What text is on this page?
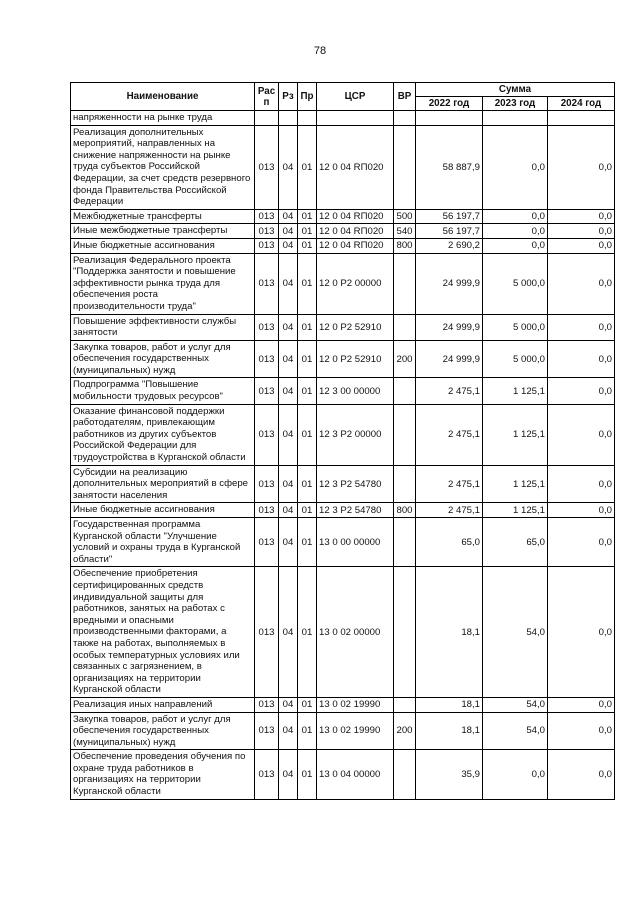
78
Наименование	Рас п	Рз	Пр	ЦСР	ВР	Сумма		
						2022 год	2023 год	2024 год
напряженности на рынке труда								
Реализация дополнительных мероприятий, направленных на снижение напряженности на рынке труда субъектов Российской Федерации, за счет средств резервного фонда Правительства Российской Федерации	013	04	01	12 0 04 RП020		58 887,9	0,0	0,0
Межбюджетные трансферты	013	04	01	12 0 04 RП020	500	56 197,7	0,0	0,0
Иные межбюджетные трансферты	013	04	01	12 0 04 RП020	540	56 197,7	0,0	0,0
Иные бюджетные ассигнования	013	04	01	12 0 04 RП020	800	2 690,2	0,0	0,0
Реализация Федерального проекта "Поддержка занятости и повышение эффективности рынка труда для обеспечения роста производительности труда"	013	04	01	12 0 P2 00000		24 999,9	5 000,0	0,0
Повышение эффективности службы занятости	013	04	01	12 0 P2 52910		24 999,9	5 000,0	0,0
Закупка товаров, работ и услуг для обеспечения государственных (муниципальных) нужд	013	04	01	12 0 P2 52910	200	24 999,9	5 000,0	0,0
Подпрограмма "Повышение мобильности трудовых ресурсов"	013	04	01	12 3 00 00000		2 475,1	1 125,1	0,0
Оказание финансовой поддержки работодателям, привлекающим работников из других субъектов Российской Федерации для трудоустройства в Курганской области	013	04	01	12 3 P2 00000		2 475,1	1 125,1	0,0
Субсидии на реализацию дополнительных мероприятий в сфере занятости населения	013	04	01	12 3 P2 54780		2 475,1	1 125,1	0,0
Иные бюджетные ассигнования	013	04	01	12 3 P2 54780	800	2 475,1	1 125,1	0,0
Государственная программа Курганской области "Улучшение условий и охраны труда в Курганской области"	013	04	01	13 0 00 00000		65,0	65,0	0,0
Обеспечение приобретения сертифицированных средств индивидуальной защиты для работников, занятых на работах с вредными и опасными производственными факторами, а также на работах, выполняемых в особых температурных условиях или связанных с загрязнением, в организациях на территории Курганской области	013	04	01	13 0 02 00000		18,1	54,0	0,0
Реализация иных направлений	013	04	01	13 0 02 19990		18,1	54,0	0,0
Закупка товаров, работ и услуг для обеспечения государственных (муниципальных) нужд	013	04	01	13 0 02 19990	200	18,1	54,0	0,0
Обеспечение проведения обучения по охране труда работников в организациях на территории Курганской области	013	04	01	13 0 04 00000		35,9	0,0	0,0
